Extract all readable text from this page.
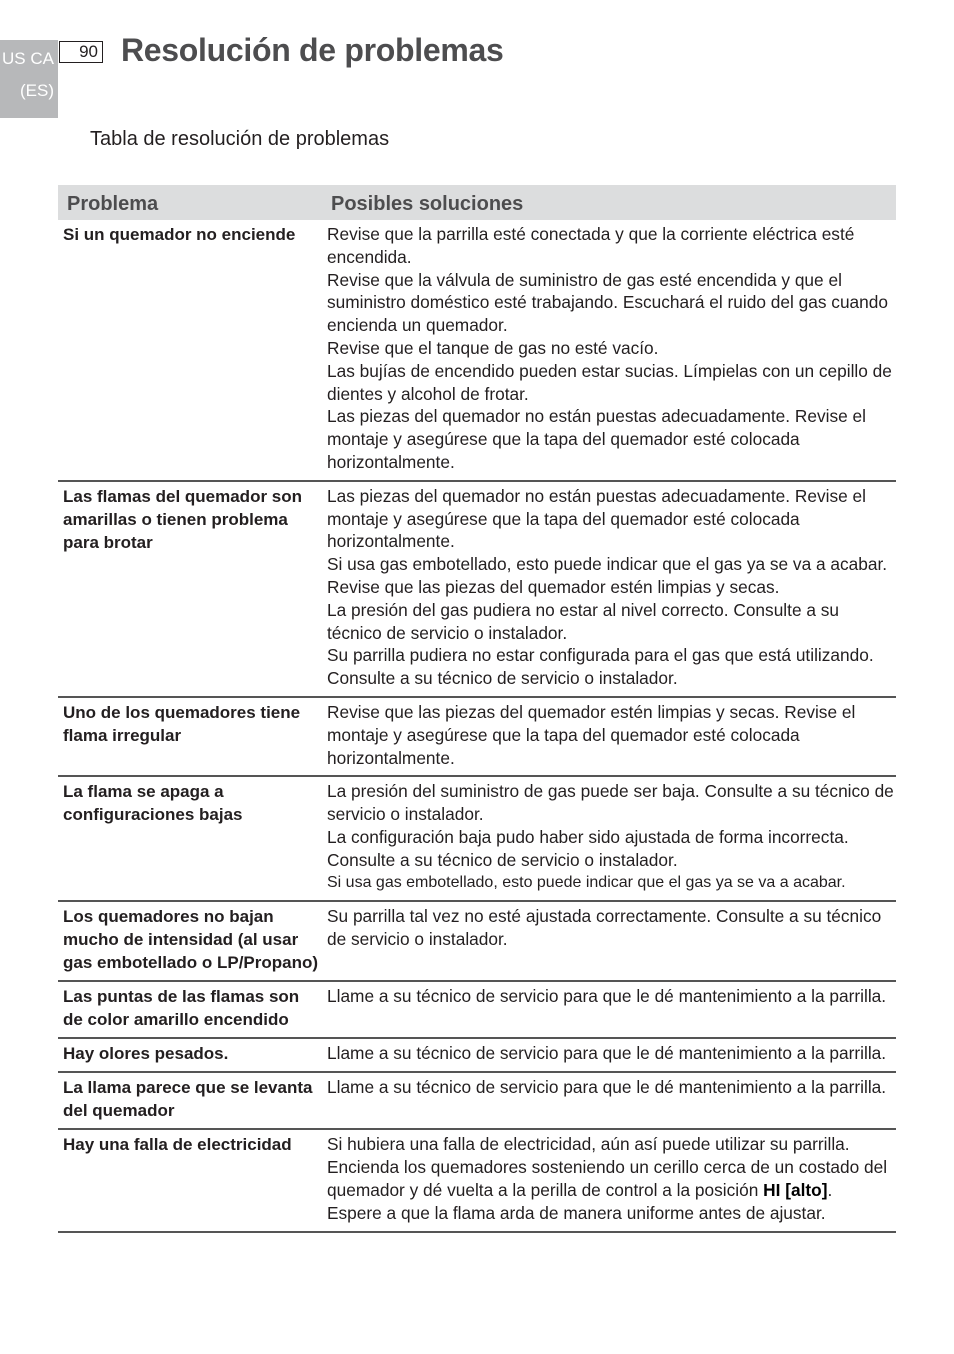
US CA
(ES)
90 Resolución de problemas
Tabla de resolución de problemas
Problema	Posibles soluciones
Si un quemador no enciende	Revise que la parrilla esté conectada y que la corriente eléctrica esté encendida.
Revise que la válvula de suministro de gas esté encendida y que el suministro doméstico esté trabajando. Escuchará el ruido del gas cuando encienda un quemador.
Revise que el tanque de gas no esté vacío.
Las bujías de encendido pueden estar sucias. Límpielas con un cepillo de dientes y alcohol de frotar.
Las piezas del quemador no están puestas adecuadamente. Revise el montaje y asegúrese que la tapa del quemador esté colocada horizontalmente.

Las flamas del quemador son amarillas o tienen problema para brotar	Las piezas del quemador no están puestas adecuadamente. Revise el montaje y asegúrese que la tapa del quemador esté colocada horizontalmente.
Si usa gas embotellado, esto puede indicar que el gas ya se va a acabar.
Revise que las piezas del quemador estén limpias y secas.
La presión del gas pudiera no estar al nivel correcto. Consulte a su técnico de servicio o instalador.
Su parrilla pudiera no estar configurada para el gas que está utilizando. Consulte a su técnico de servicio o instalador.

Uno de los quemadores tiene flama irregular	Revise que las piezas del quemador estén limpias y secas. Revise el montaje y asegúrese que la tapa del quemador esté colocada horizontalmente.

La flama se apaga a configuraciones bajas	La presión del suministro de gas puede ser baja. Consulte a su técnico de servicio o instalador.
La configuración baja pudo haber sido ajustada de forma incorrecta. Consulte a su técnico de servicio o instalador.
Si usa gas embotellado, esto puede indicar que el gas ya se va a acabar.

Los quemadores no bajan mucho de intensidad (al usar gas embotellado o LP/Propano)	Su parrilla tal vez no esté ajustada correctamente. Consulte a su técnico de servicio o instalador.

Las puntas de las flamas son de color amarillo encendido	Llame a su técnico de servicio para que le dé mantenimiento a la parrilla.

Hay olores pesados.	Llame a su técnico de servicio para que le dé mantenimiento a la parrilla.

La llama parece que se levanta del quemador	Llame a su técnico de servicio para que le dé mantenimiento a la parrilla.

Hay una falla de electricidad	Si hubiera una falla de electricidad, aún así puede utilizar su parrilla.
Encienda los quemadores sosteniendo un cerillo cerca de un costado del quemador y dé vuelta a la perilla de control a la posición HI [alto].
Espere a que la flama arda de manera uniforme antes de ajustar.
